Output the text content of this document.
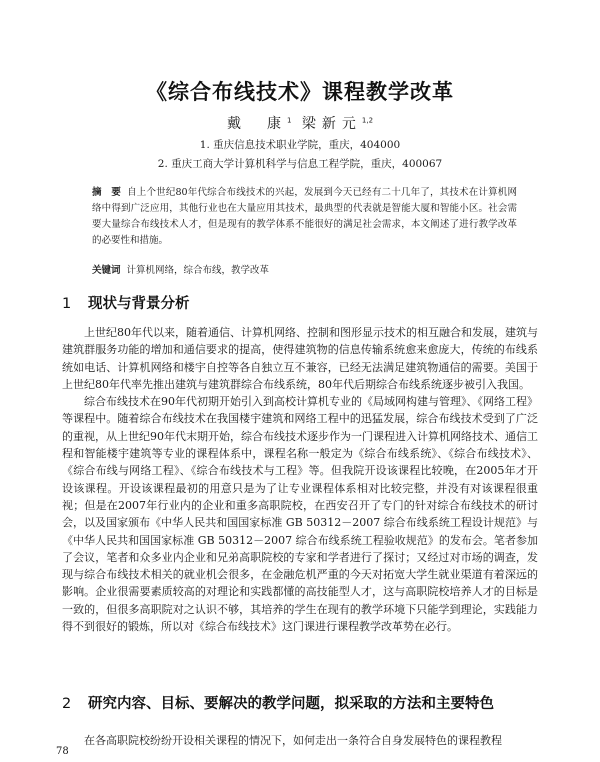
《综合布线技术》课程教学改革
戴　康$^1$ 梁新元$^{1,2}$
1. 重庆信息技术职业学院，重庆，404000
2. 重庆工商大学计算机科学与信息工程学院，重庆，400067
摘　要 自上个世纪80年代综合布线技术的兴起，发展到今天已经有二十几年了，其技术在计算机网络中得到广泛应用，其他行业也在大量应用其技术，最典型的代表就是智能大厦和智能小区。社会需要大量综合布线技术人才，但是现有的教学体系不能很好的满足社会需求，本文阐述了进行教学改革的必要性和措施。
关键词 计算机网络，综合布线，教学改革
1 现状与背景分析

上世纪80年代以来，随着通信、计算机网络、控制和图形显示技术的相互融合和发展，建筑与建筑群服务功能的增加和通信要求的提高，使得建筑物的信息传输系统愈来愈庞大，传统的布线系统如电话、计算机网络和楼宇自控等各自独立互不兼容，已经无法满足建筑物通信的需要。美国于上世纪80年代率先推出建筑与建筑群综合布线系统，80年代后期综合布线系统逐步被引入我国。

综合布线技术在90年代初期开始引入到高校计算机专业的《局域网构建与管理》、《网络工程》等课程中。随着综合布线技术在我国楼宇建筑和网络工程中的迅猛发展，综合布线技术受到了广泛的重视，从上世纪90年代末期开始，综合布线技术逐步作为一门课程进入计算机网络技术、通信工程和智能楼宇建筑等专业的课程体系中，课程名称一般定为《综合布线系统》、《综合布线技术》、《综合布线与网络工程》、《综合布线技术与工程》等。但我院开设该课程比较晚，在2005年才开设该课程。开设该课程最初的用意只是为了让专业课程体系相对比较完整，并没有对该课程很重视；但是在2007年行业内的企业和重多高职院校，在西安召开了专门的针对综合布线技术的研讨会，以及国家颁布《中华人民共和国国家标准 GB 50312－2007 综合布线系统工程设计规范》与《中华人民共和国国家标准 GB 50312－2007 综合布线系统工程验收规范》的发布会。笔者参加了会议，笔者和众多业内企业和兄弟高职院校的专家和学者进行了探讨；又经过对市场的调查，发现与综合布线技术相关的就业机会很多，在金融危机严重的今天对拓宽大学生就业渠道有着深远的影响。企业很需要素质较高的对理论和实践都懂的高技能型人才，这与高职院校培养人才的目标是一致的，但很多高职院对之认识不够，其培养的学生在现有的教学环境下只能学到理论，实践能力得不到很好的锻炼，所以对《综合布线技术》这门课进行课程教学改革势在必行。

2 研究内容、目标、要解决的教学问题，拟采取的方法和主要特色

在各高职院校纷纷开设相关课程的情况下，如何走出一条符合自身发展特色的课程教程

78
